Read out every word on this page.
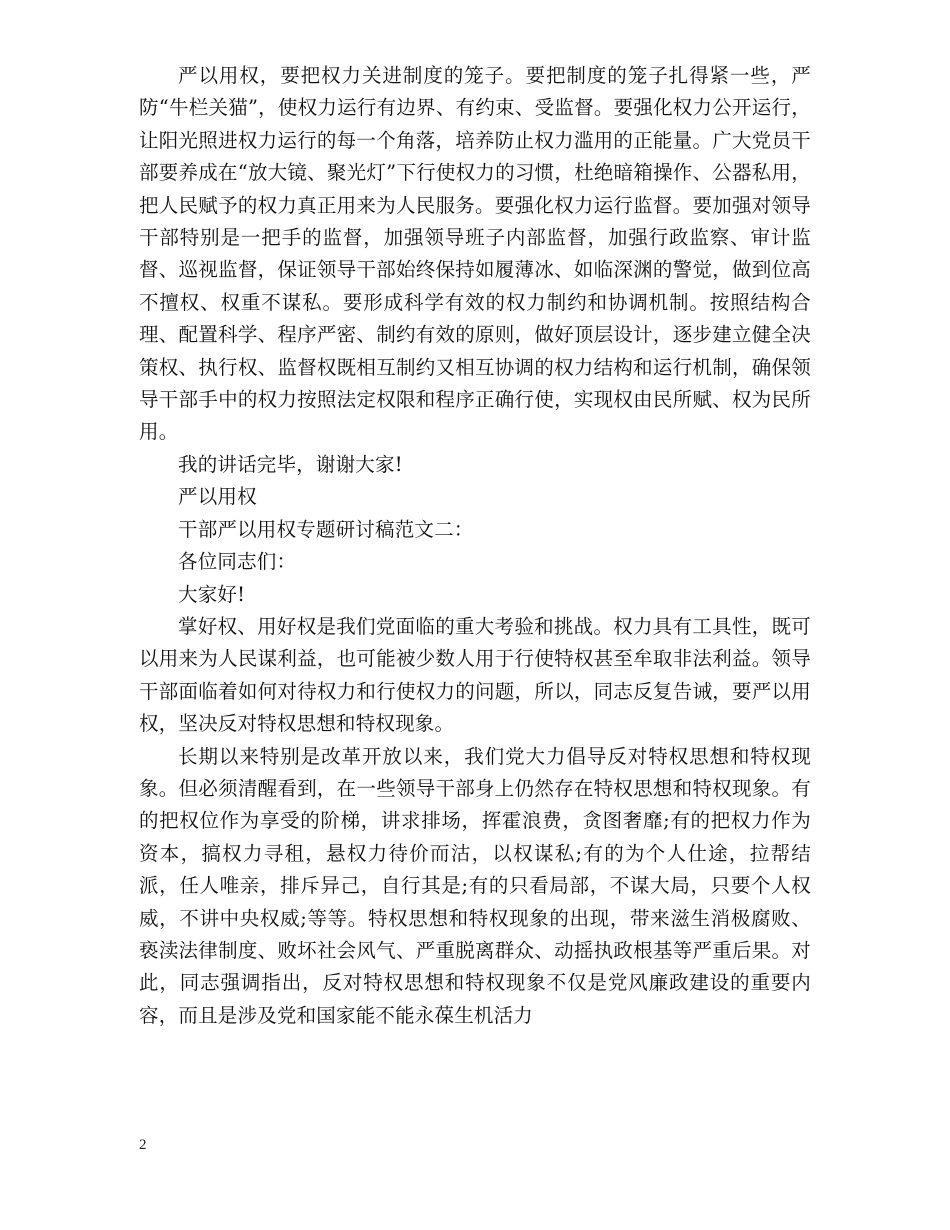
严以用权，要把权力关进制度的笼子。要把制度的笼子扎得紧一些，严防“牛栏关猫”，使权力运行有边界、有约束、受监督。要强化权力公开运行，让阳光照进权力运行的每一个角落，培养防止权力滥用的正能量。广大党员干部要养成在“放大镜、聚光灯”下行使权力的习惯，杜绝暗箱操作、公器私用，把人民赋予的权力真正用来为人民服务。要强化权力运行监督。要加强对领导干部特别是一把手的监督，加强领导班子内部监督，加强行政监察、审计监督、巡视监督，保证领导干部始终保持如履薄冰、如临深渊的警觉，做到位高不擅权、权重不谋私。要形成科学有效的权力制约和协调机制。按照结构合理、配置科学、程序严密、制约有效的原则，做好顶层设计，逐步建立健全决策权、执行权、监督权既相互制约又相互协调的权力结构和运行机制，确保领导干部手中的权力按照法定权限和程序正确行使，实现权由民所赋、权为民所用。

我的讲话完毕，谢谢大家!

严以用权

干部严以用权专题研讨稿范文二：

各位同志们：

大家好!

掌好权、用好权是我们党面临的重大考验和挑战。权力具有工具性，既可以用来为人民谋利益，也可能被少数人用于行使特权甚至牟取非法利益。领导干部面临着如何对待权力和行使权力的问题，所以，同志反复告诫，要严以用权，坚决反对特权思想和特权现象。

长期以来特别是改革开放以来，我们党大力倡导反对特权思想和特权现象。但必须清醒看到，在一些领导干部身上仍然存在特权思想和特权现象。有的把权位作为享受的阶梯，讲求排场，挥霍浪费，贪图奢靡;有的把权力作为资本，搞权力寻租，悬权力待价而沽，以权谋私;有的为个人仕途，拉帮结派，任人唯亲，排斥异己，自行其是;有的只看局部，不谋大局，只要个人权威，不讲中央权威;等等。特权思想和特权现象的出现，带来滋生消极腐败、亵渎法律制度、败坏社会风气、严重脱离群众、动摇执政根基等严重后果。对此，同志强调指出，反对特权思想和特权现象不仅是党风廉政建设的重要内容，而且是涉及党和国家能不能永葆生机活力

2
